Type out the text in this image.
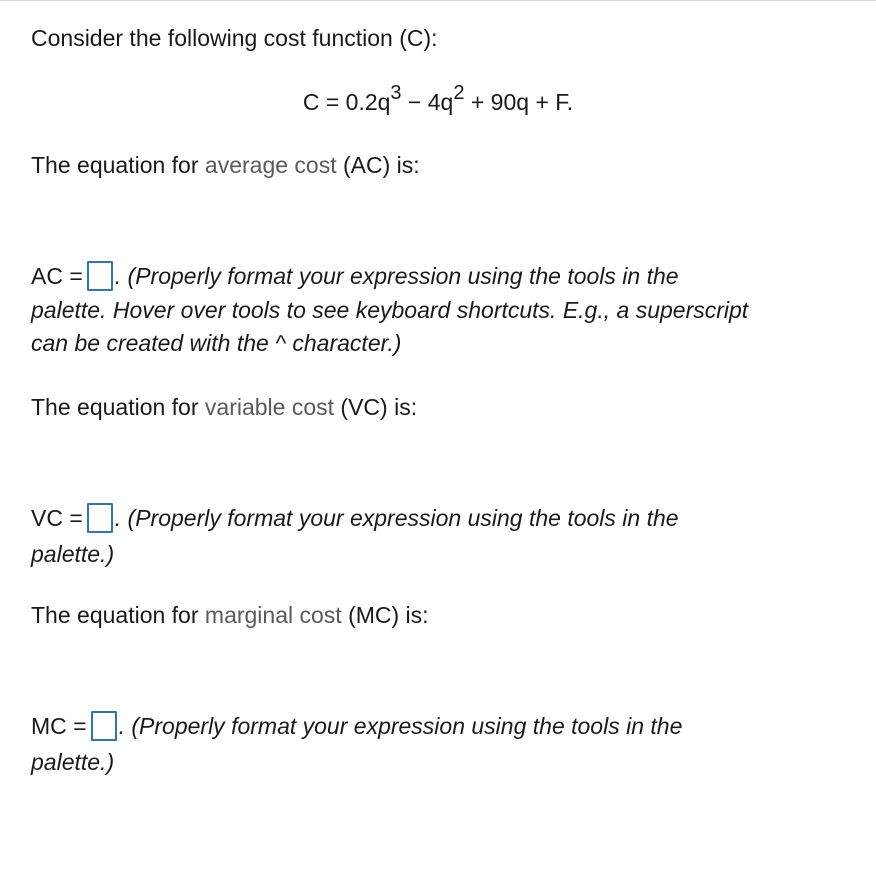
Consider the following cost function (C):
$C = 0.2q^3 - 4q^2 + 90q + F$.
The equation for average cost (AC) is:
AC = . (Properly format your expression using the tools in the
palette. Hover over tools to see keyboard shortcuts. E.g., a superscript
can be created with the ^ character.)
The equation for variable cost (VC) is:
VC = . (Properly format your expression using the tools in the
palette.)
The equation for marginal cost (MC) is:
MC = . (Properly format your expression using the tools in the
palette.)
